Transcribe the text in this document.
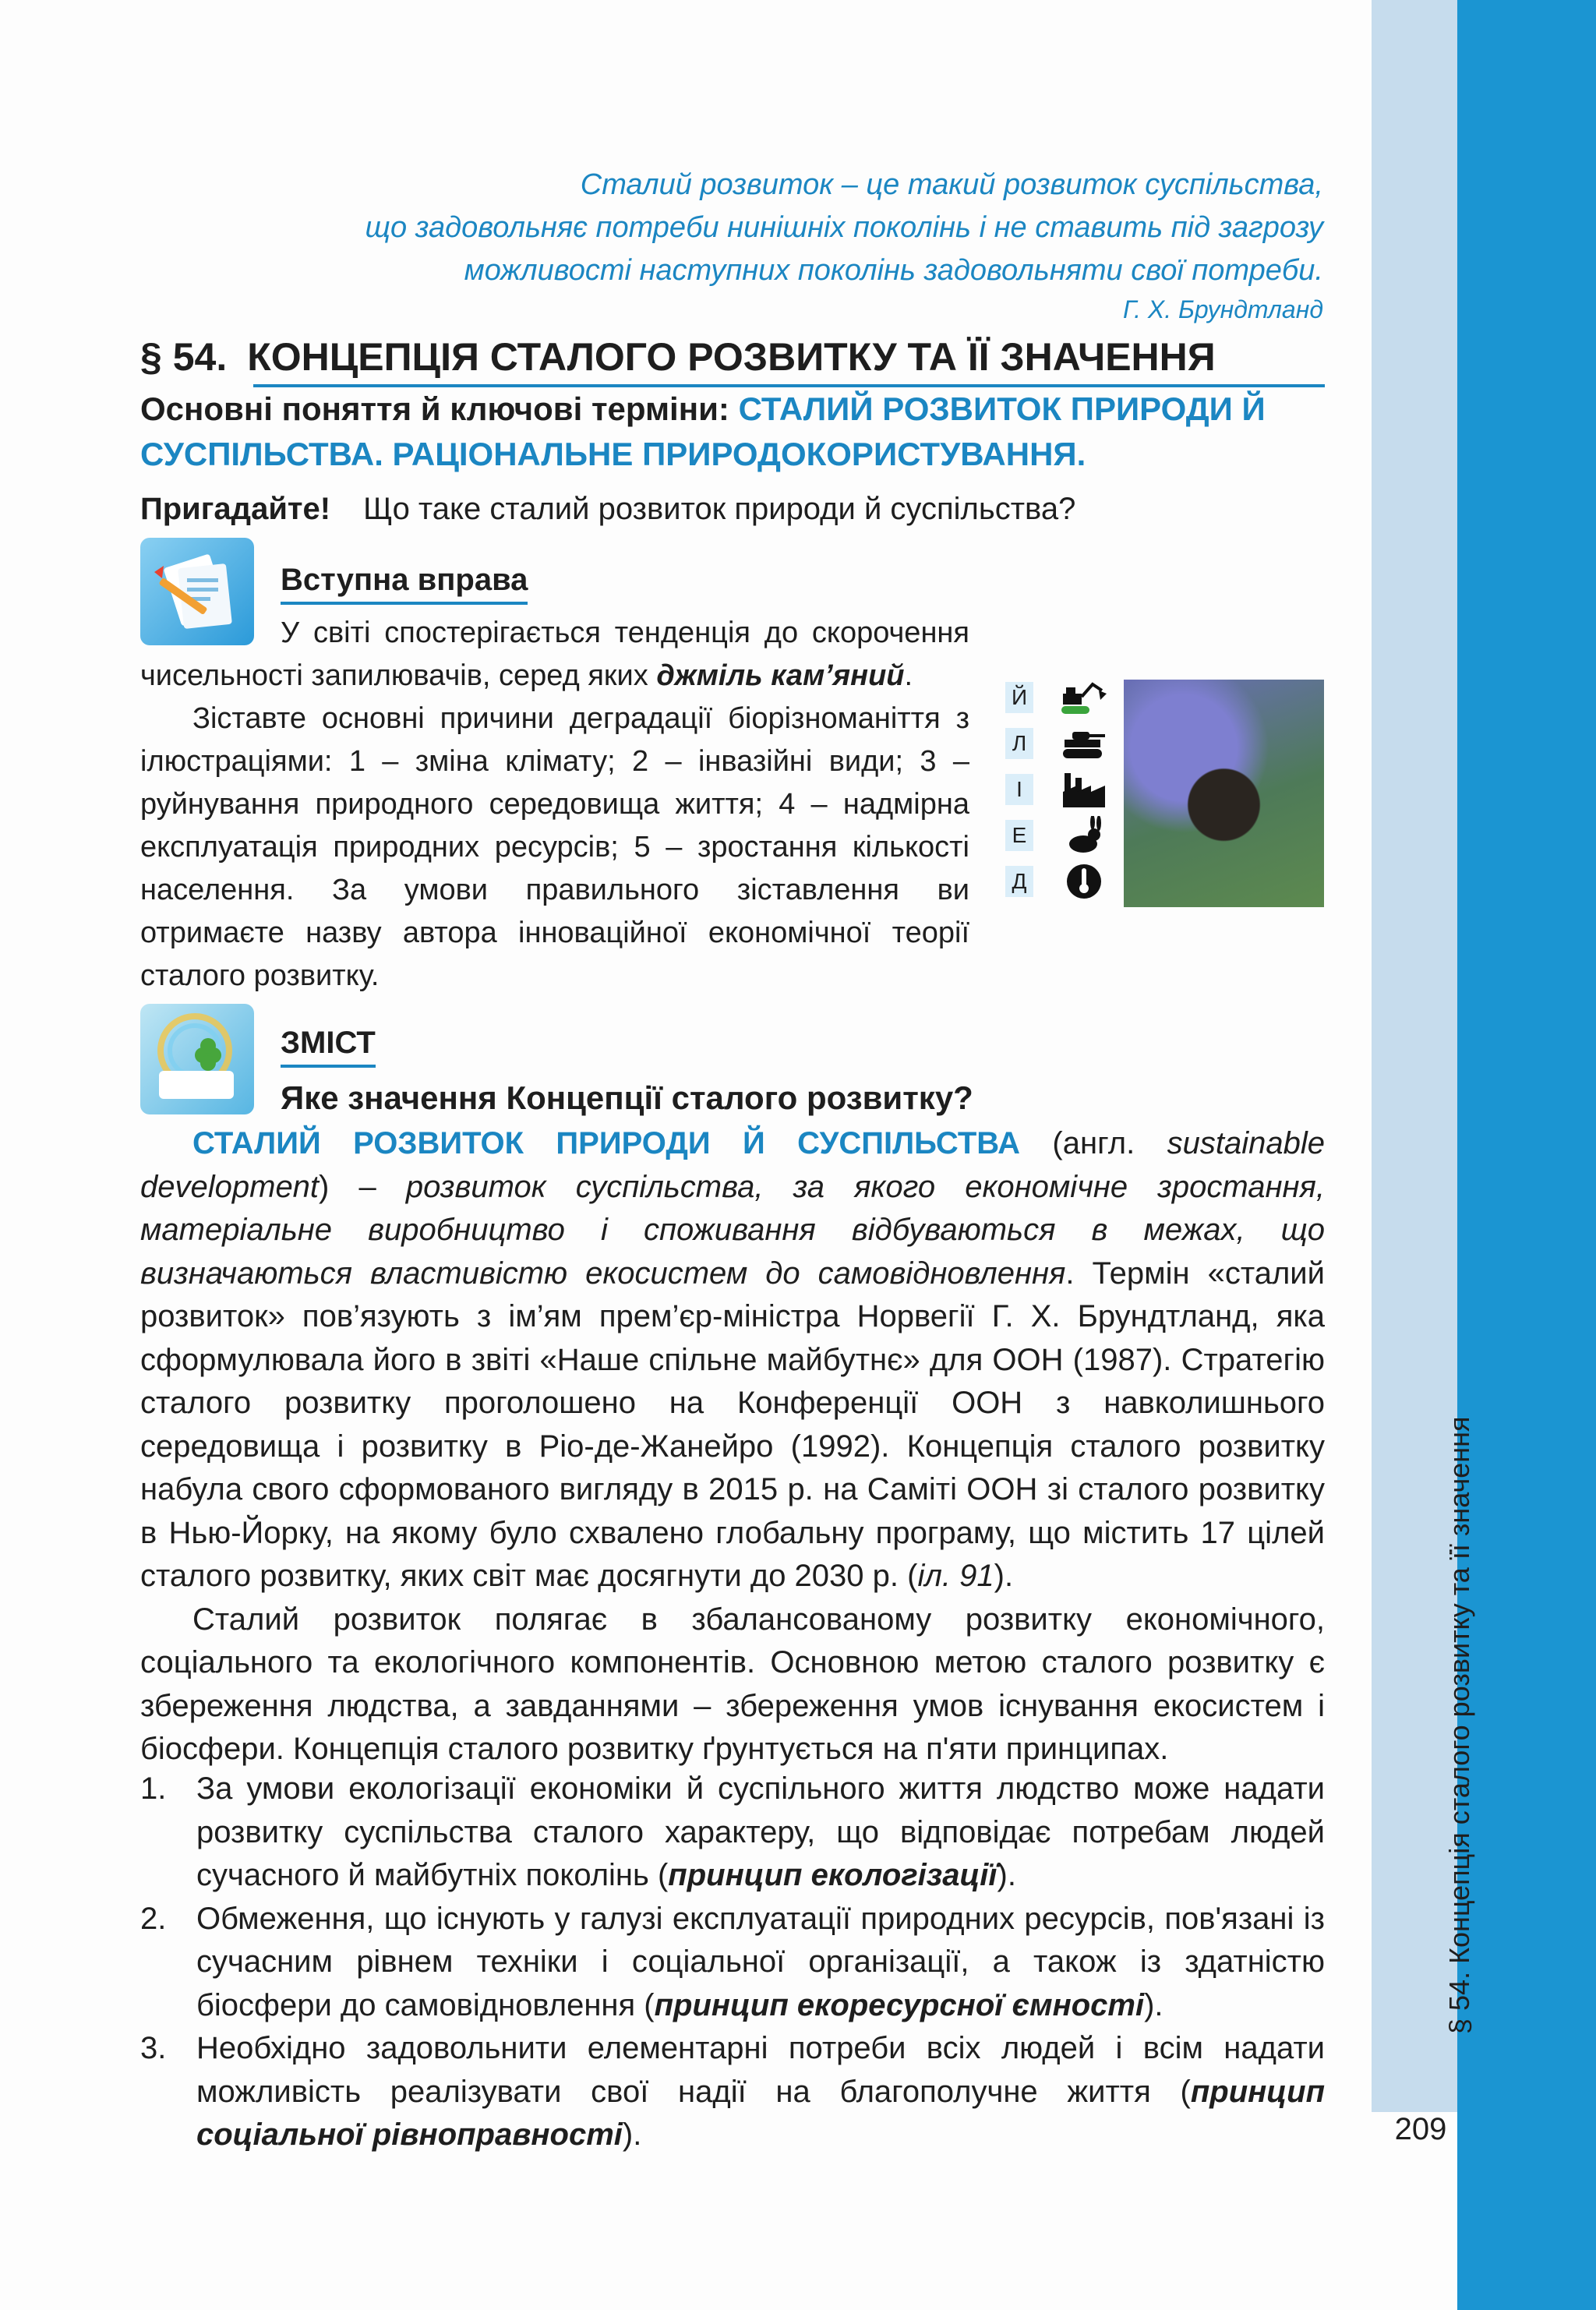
§ 54. Концепція сталого розвитку та її значення
209
Сталий розвиток – це такий розвиток суспільства,
що задовольняє потреби нинішніх поколінь і не ставить під загрозу
можливості наступних поколінь задовольняти свої потреби.
Г. Х. Брундтланд
§ 54. КОНЦЕПЦІЯ СТАЛОГО РОЗВИТКУ ТА ЇЇ ЗНАЧЕННЯ
Основні поняття й ключові терміни: СТАЛИЙ РОЗВИТОК ПРИРОДИ Й СУСПІЛЬСТВА. РАЦІОНАЛЬНЕ ПРИРОДОКОРИСТУВАННЯ.
Пригадайте! Що таке сталий розвиток природи й суспільства?
Вступна вправа

У світі спостерігається тенденція до скорочення чисельності запилювачів, серед яких джміль кам’яний.

Зіставте основні причини деградації біорізноманіття з ілюстраціями: 1 – зміна клімату; 2 – інвазійні види; 3 – руйнування природного середовища життя; 4 – надмірна експлуатація природних ресурсів; 5 – зростання кількості населення. За умови правильного зіставлення ви отримаєте назву автора інноваційної економічної теорії сталого розвитку.

Й
Л
І
Е
Д
ЗМІСТ
Яке значення Концепції сталого розвитку?

СТАЛИЙ РОЗВИТОК ПРИРОДИ Й СУСПІЛЬСТВА (англ. sustainable development) – розвиток суспільства, за якого економічне зростання, матеріальне виробництво і споживання відбуваються в межах, що визначаються властивістю екосистем до самовідновлення. Термін «сталий розвиток» пов’язують з ім’ям прем’єр-міністра Норвегії Г. Х. Брундтланд, яка сформулювала його в звіті «Наше спільне майбутнє» для ООН (1987). Стратегію сталого розвитку проголошено на Конференції ООН з навколишнього середовища і розвитку в Ріо-де-Жанейро (1992). Концепція сталого розвитку набула свого сформованого вигляду в 2015 р. на Саміті ООН зі сталого розвитку в Нью-Йорку, на якому було схвалено глобальну програму, що містить 17 цілей сталого розвитку, яких світ має досягнути до 2030 р. (іл. 91).

Сталий розвиток полягає в збалансованому розвитку економічного, соціального та екологічного компонентів. Основною метою сталого розвитку є збереження людства, а завданнями – збереження умов існування екосистем і біосфери. Концепція сталого розвитку ґрунтується на п'яти принципах.

1. За умови екологізації економіки й суспільного життя людство може надати розвитку суспільства сталого характеру, що відповідає потребам людей сучасного й майбутніх поколінь (принцип екологізації).
2. Обмеження, що існують у галузі експлуатації природних ресурсів, пов'язані із сучасним рівнем техніки і соціальної організації, а також із здатністю біосфери до самовідновлення (принцип екоресурсної ємності).
3. Необхідно задовольнити елементарні потреби всіх людей і всім надати можливість реалізувати свої надії на благополучне життя (принцип соціальної рівноправності).
